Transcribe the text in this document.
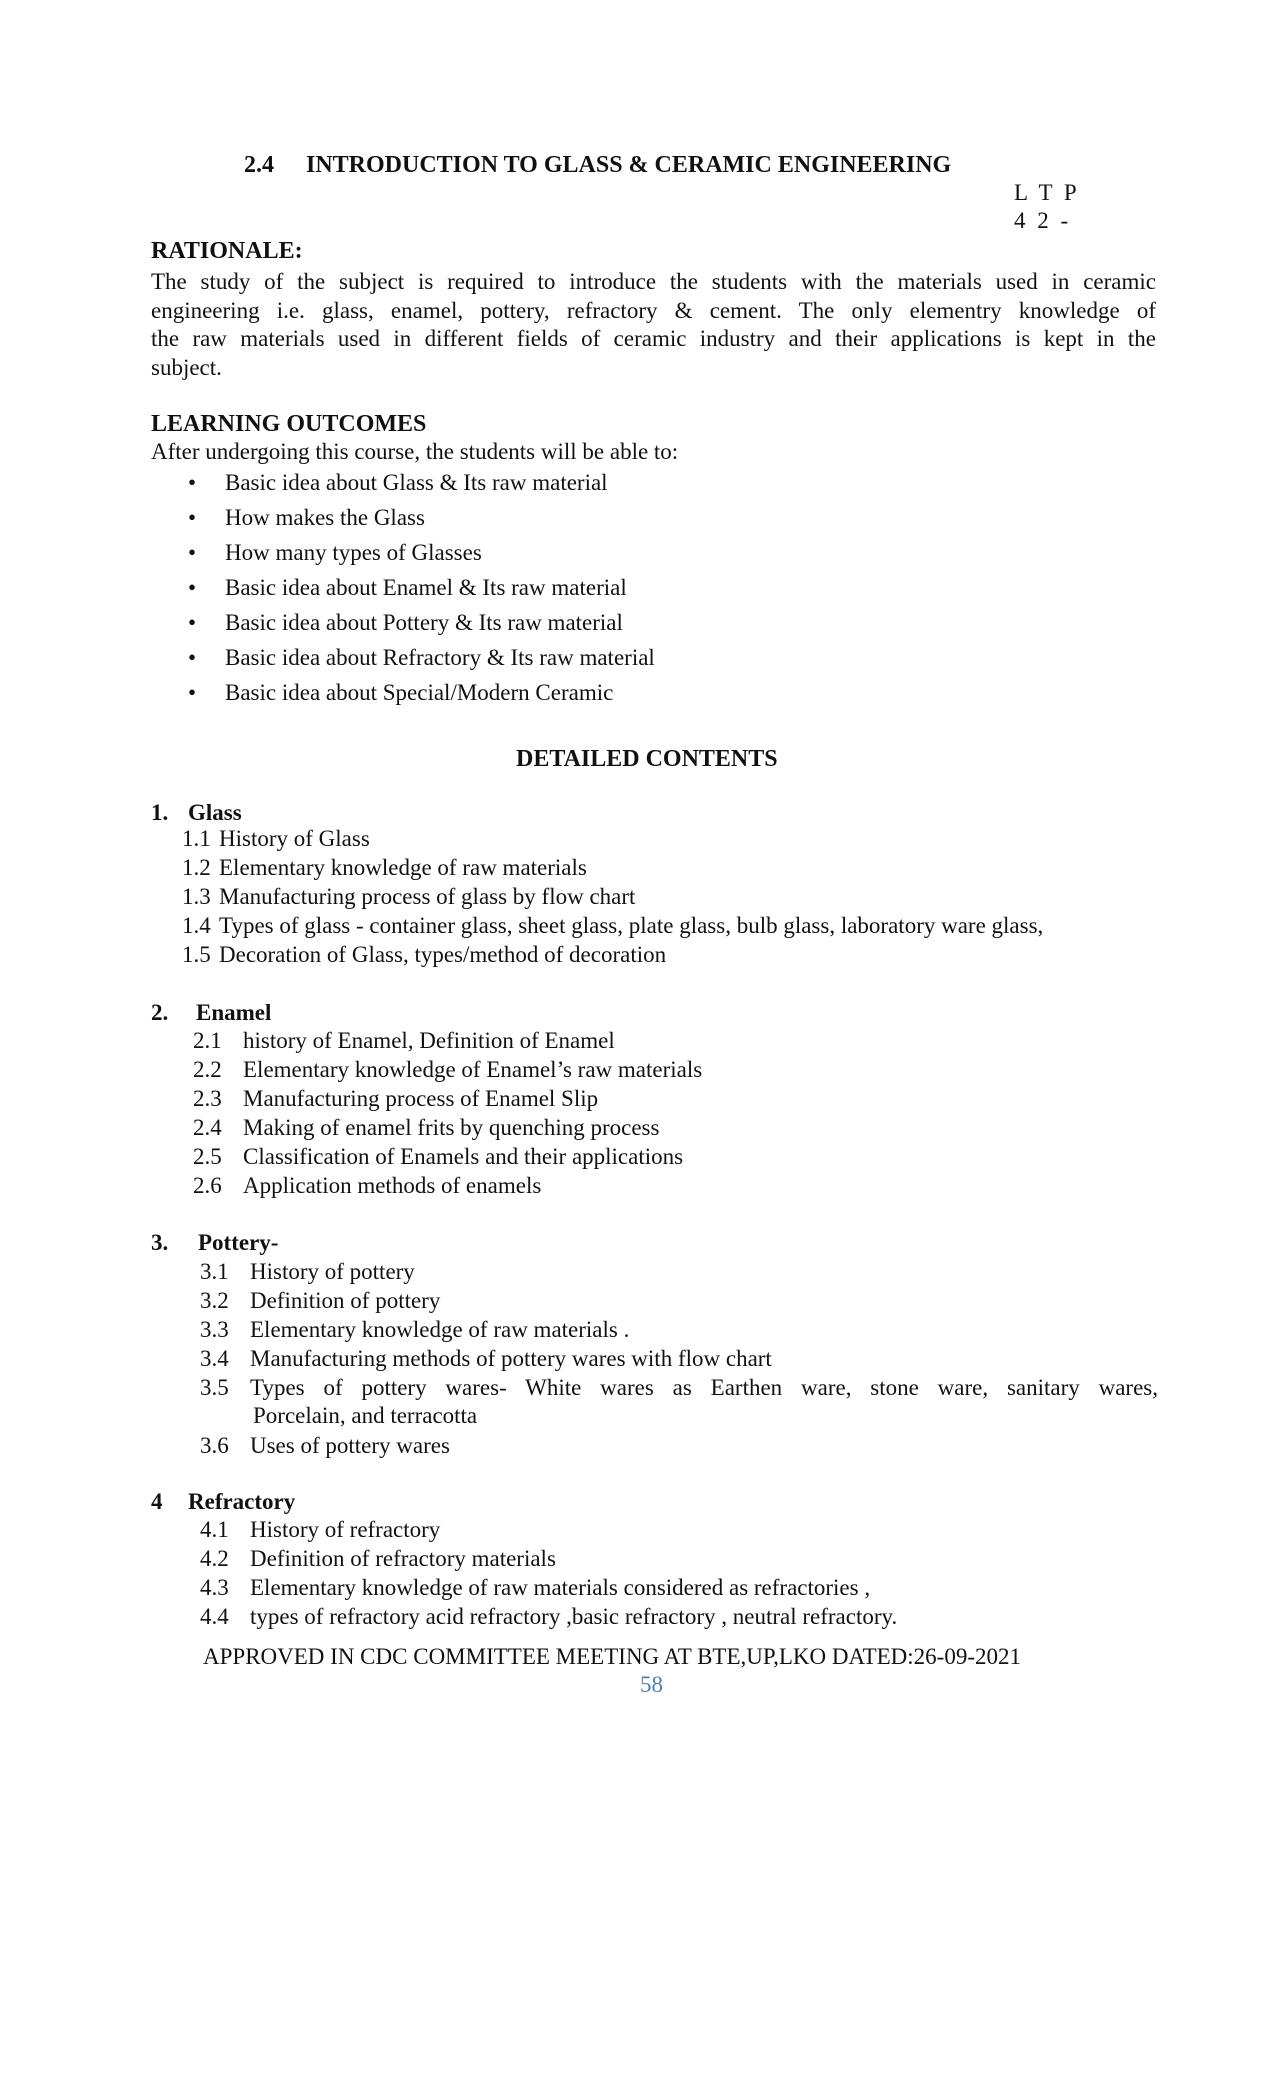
2.4 INTRODUCTION TO GLASS & CERAMIC ENGINEERING
L T P
4 2 -
RATIONALE:
The study of the subject is required to introduce the students with the materials used in ceramic
engineering i.e. glass, enamel, pottery, refractory & cement. The only elementry knowledge of
the raw materials used in different fields of ceramic industry and their applications is kept in the
subject.
LEARNING OUTCOMES
After undergoing this course, the students will be able to:
• Basic idea about Glass & Its raw material
• How makes the Glass
• How many types of Glasses
• Basic idea about Enamel & Its raw material
• Basic idea about Pottery & Its raw material
• Basic idea about Refractory & Its raw material
• Basic idea about Special/Modern Ceramic
DETAILED CONTENTS
1. Glass
1.1 History of Glass
1.2 Elementary knowledge of raw materials
1.3 Manufacturing process of glass by flow chart
1.4 Types of glass - container glass, sheet glass, plate glass, bulb glass, laboratory ware glass,
1.5 Decoration of Glass, types/method of decoration
2. Enamel
2.1 history of Enamel, Definition of Enamel
2.2 Elementary knowledge of Enamel’s raw materials
2.3 Manufacturing process of Enamel Slip
2.4 Making of enamel frits by quenching process
2.5 Classification of Enamels and their applications
2.6 Application methods of enamels
3. Pottery-
3.1 History of pottery
3.2 Definition of pottery
3.3 Elementary knowledge of raw materials .
3.4 Manufacturing methods of pottery wares with flow chart
3.5 Types of pottery wares- White wares as Earthen ware, stone ware, sanitary wares,
Porcelain, and terracotta
3.6 Uses of pottery wares
4 Refractory
4.1 History of refractory
4.2 Definition of refractory materials
4.3 Elementary knowledge of raw materials considered as refractories ,
4.4 types of refractory acid refractory ,basic refractory , neutral refractory.
APPROVED IN CDC COMMITTEE MEETING AT BTE,UP,LKO DATED:26-09-2021
58
